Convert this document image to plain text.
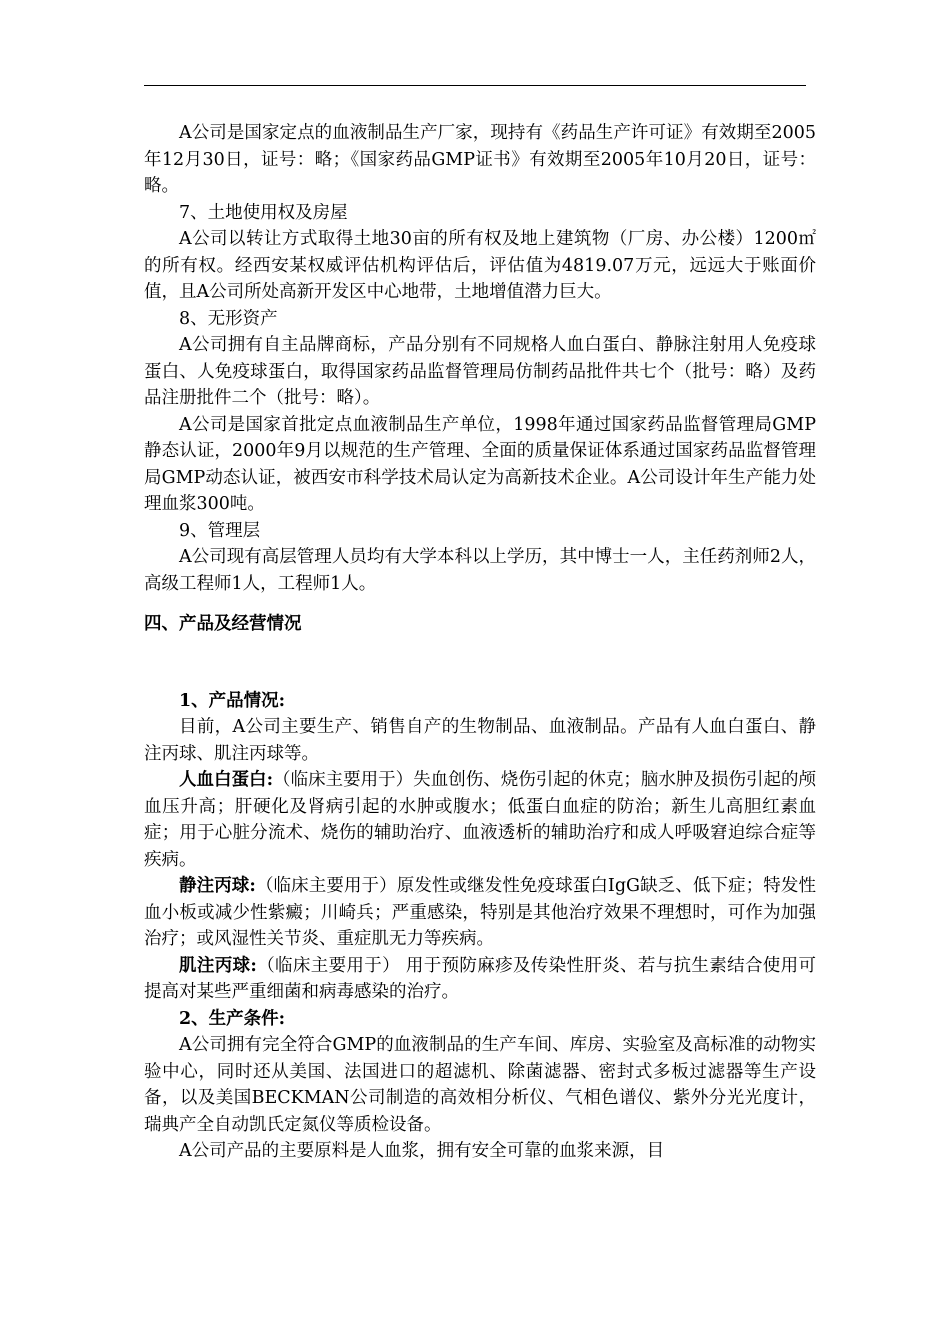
A公司是国家定点的血液制品生产厂家，现持有《药品生产许可证》有效期至2005年12月30日，证号：略；《国家药品GMP证书》有效期至2005年10月20日，证号：略。

7、土地使用权及房屋

A公司以转让方式取得土地30亩的所有权及地上建筑物（厂房、办公楼）1200㎡的所有权。经西安某权威评估机构评估后，评估值为4819.07万元，远远大于账面价值，且A公司所处高新开发区中心地带，土地增值潜力巨大。

8、无形资产

A公司拥有自主品牌商标，产品分别有不同规格人血白蛋白、静脉注射用人免疫球蛋白、人免疫球蛋白，取得国家药品监督管理局仿制药品批件共七个（批号：略）及药品注册批件二个（批号：略）。

A公司是国家首批定点血液制品生产单位，1998年通过国家药品监督管理局GMP静态认证，2000年9月以规范的生产管理、全面的质量保证体系通过国家药品监督管理局GMP动态认证，被西安市科学技术局认定为高新技术企业。A公司设计年生产能力处理血浆300吨。

9、管理层

A公司现有高层管理人员均有大学本科以上学历，其中博士一人，主任药剂师2人，高级工程师1人，工程师1人。

四、产品及经营情况

1、产品情况:

目前，A公司主要生产、销售自产的生物制品、血液制品。产品有人血白蛋白、静注丙球、肌注丙球等。

人血白蛋白:（临床主要用于）失血创伤、烧伤引起的休克；脑水肿及损伤引起的颅血压升高；肝硬化及肾病引起的水肿或腹水；低蛋白血症的防治；新生儿高胆红素血症；用于心脏分流术、烧伤的辅助治疗、血液透析的辅助治疗和成人呼吸窘迫综合症等疾病。

静注丙球:（临床主要用于）原发性或继发性免疫球蛋白IgG缺乏、低下症；特发性血小板或减少性紫癜；川崎兵；严重感染，特别是其他治疗效果不理想时，可作为加强治疗；或风湿性关节炎、重症肌无力等疾病。

肌注丙球:（临床主要用于） 用于预防麻疹及传染性肝炎、若与抗生素结合使用可提高对某些严重细菌和病毒感染的治疗。

2、生产条件:

A公司拥有完全符合GMP的血液制品的生产车间、库房、实验室及高标准的动物实验中心，同时还从美国、法国进口的超滤机、除菌滤器、密封式多板过滤器等生产设备，以及美国BECKMAN公司制造的高效相分析仪、气相色谱仪、紫外分光光度计，瑞典产全自动凯氏定氮仪等质检设备。

A公司产品的主要原料是人血浆，拥有安全可靠的血浆来源，目
